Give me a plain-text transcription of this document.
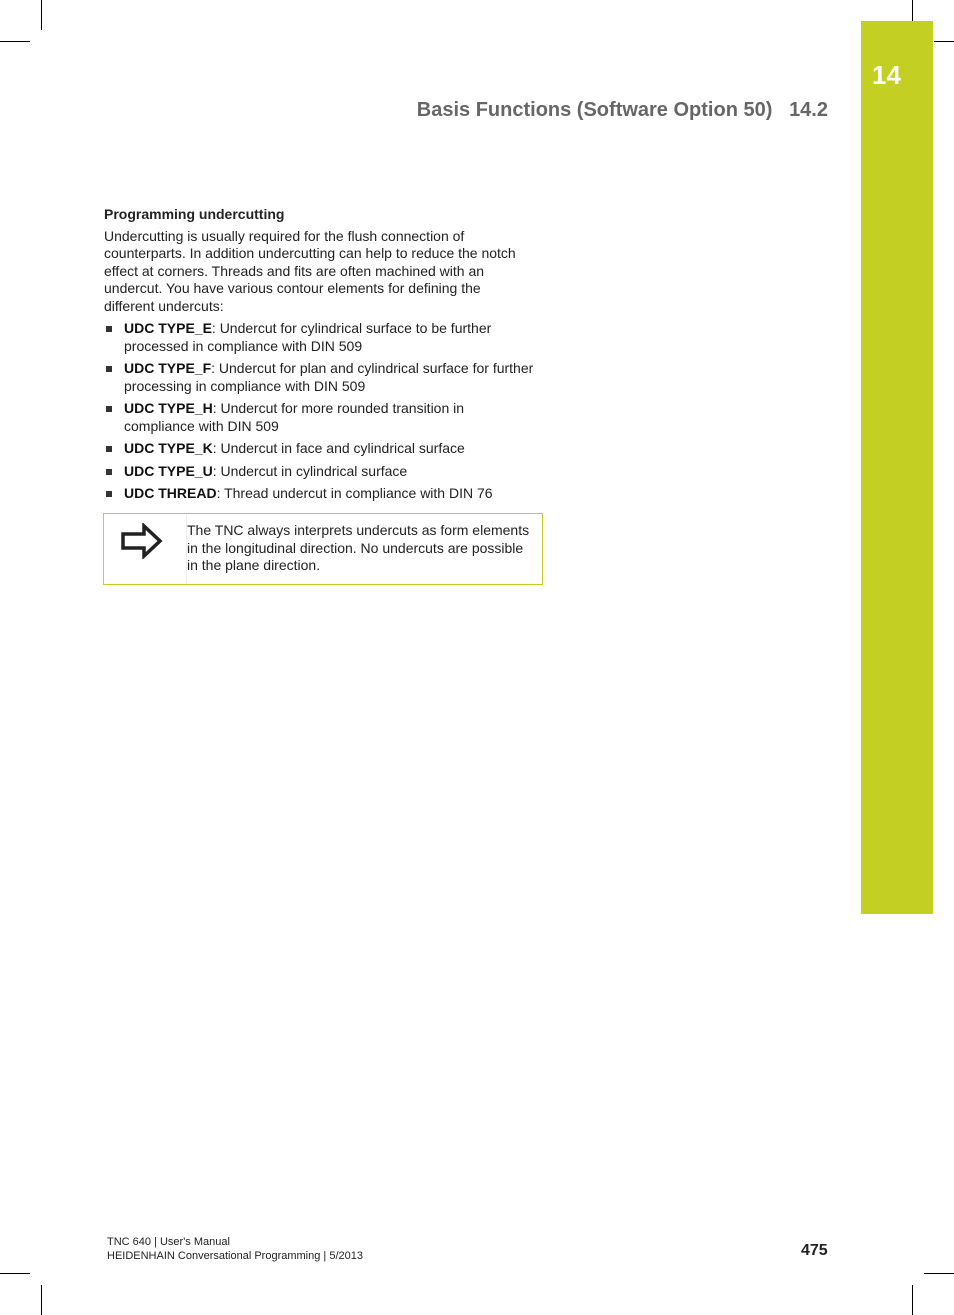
14
Basis Functions (Software Option 50) 14.2
Programming undercutting

Undercutting is usually required for the flush connection of counterparts. In addition undercutting can help to reduce the notch effect at corners. Threads and fits are often machined with an undercut. You have various contour elements for defining the different undercuts:

UDC TYPE_E: Undercut for cylindrical surface to be further processed in compliance with DIN 509
UDC TYPE_F: Undercut for plan and cylindrical surface for further processing in compliance with DIN 509
UDC TYPE_H: Undercut for more rounded transition in compliance with DIN 509
UDC TYPE_K: Undercut in face and cylindrical surface
UDC TYPE_U: Undercut in cylindrical surface
UDC THREAD: Thread undercut in compliance with DIN 76
The TNC always interprets undercuts as form elements in the longitudinal direction. No undercuts are possible in the plane direction.
TNC 640 | User's Manual
HEIDENHAIN Conversational Programming | 5/2013	475
